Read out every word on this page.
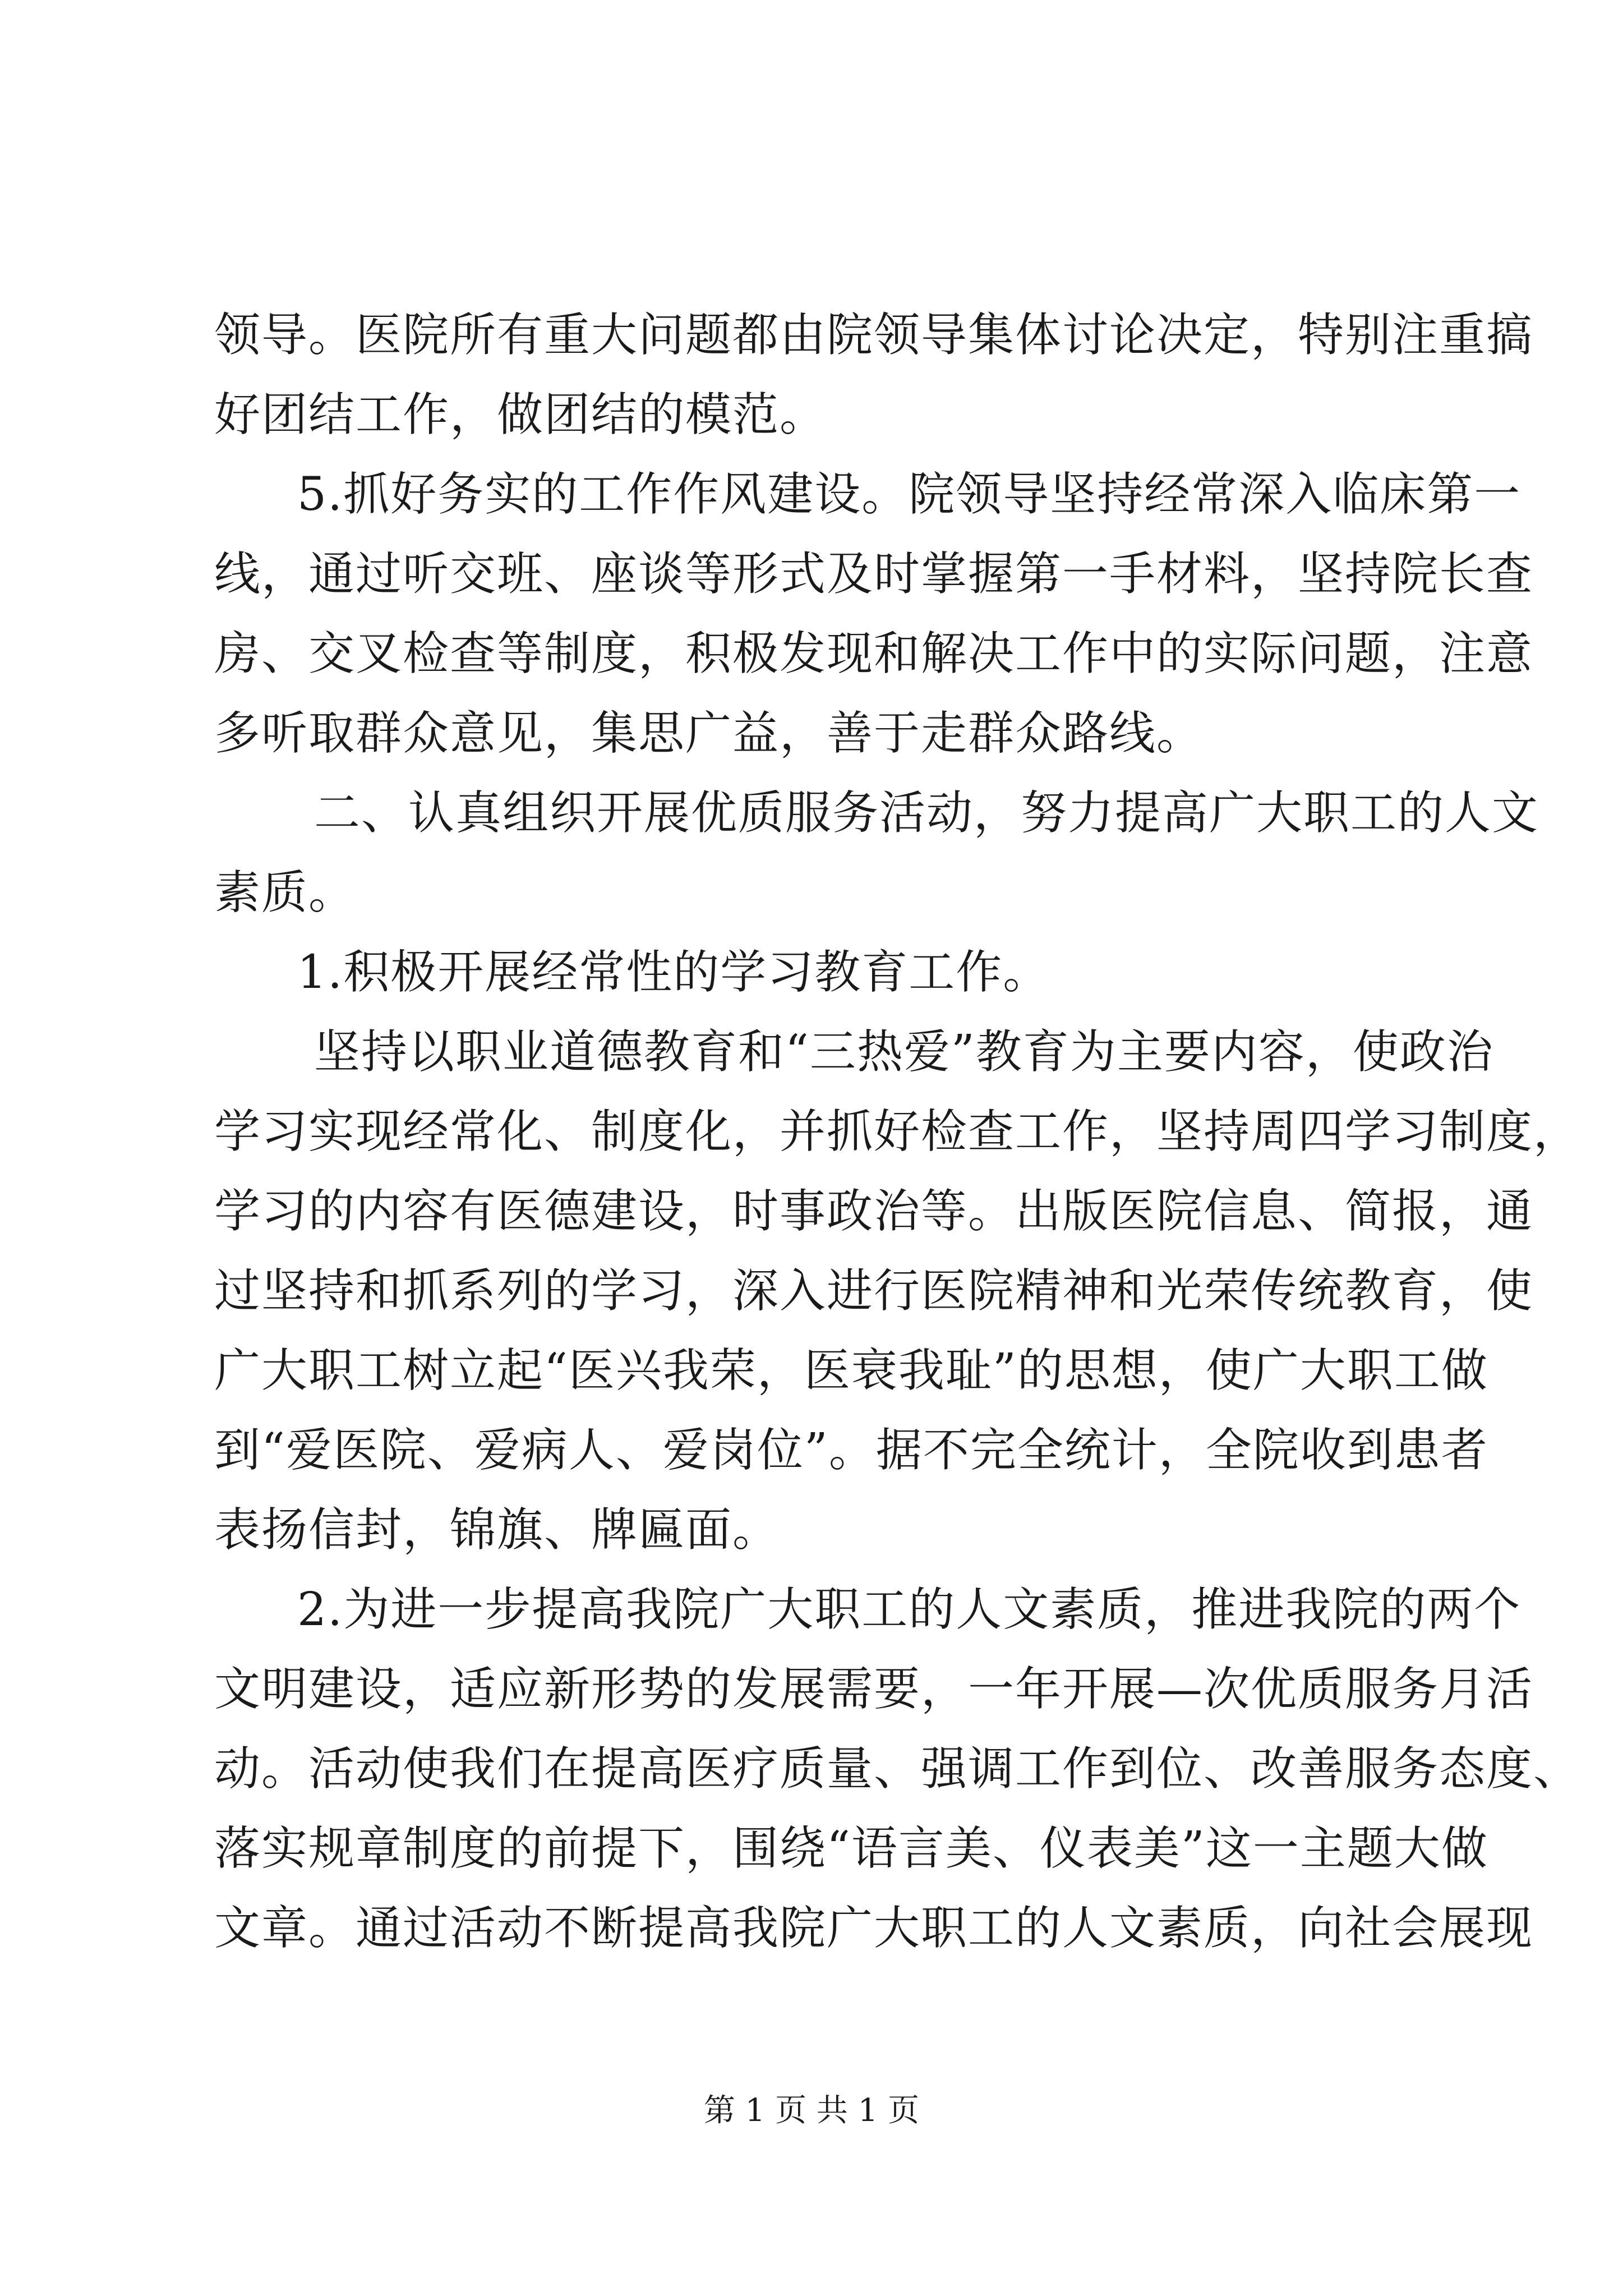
领导。医院所有重大问题都由院领导集体讨论决定，特别注重搞
好团结工作，做团结的模范。
5.抓好务实的工作作风建设。院领导坚持经常深入临床第一
线，通过听交班、座谈等形式及时掌握第一手材料，坚持院长查
房、交叉检查等制度，积极发现和解决工作中的实际问题，注意
多听取群众意见，集思广益，善于走群众路线。
二、认真组织开展优质服务活动，努力提高广大职工的人文
素质。
1.积极开展经常性的学习教育工作。
坚持以职业道德教育和“三热爱”教育为主要内容，使政治
学习实现经常化、制度化，并抓好检查工作，坚持周四学习制度，
学习的内容有医德建设，时事政治等。出版医院信息、简报，通
过坚持和抓系列的学习，深入进行医院精神和光荣传统教育，使
广大职工树立起“医兴我荣，医衰我耻”的思想，使广大职工做
到“爱医院、爱病人、爱岗位”。据不完全统计，全院收到患者
表扬信封，锦旗、牌匾面。
2.为进一步提高我院广大职工的人文素质，推进我院的两个
文明建设，适应新形势的发展需要，一年开展—次优质服务月活
动。活动使我们在提高医疗质量、强调工作到位、改善服务态度、
落实规章制度的前提下，围绕“语言美、仪表美”这一主题大做
文章。通过活动不断提高我院广大职工的人文素质，向社会展现
第 1 页 共 1 页
